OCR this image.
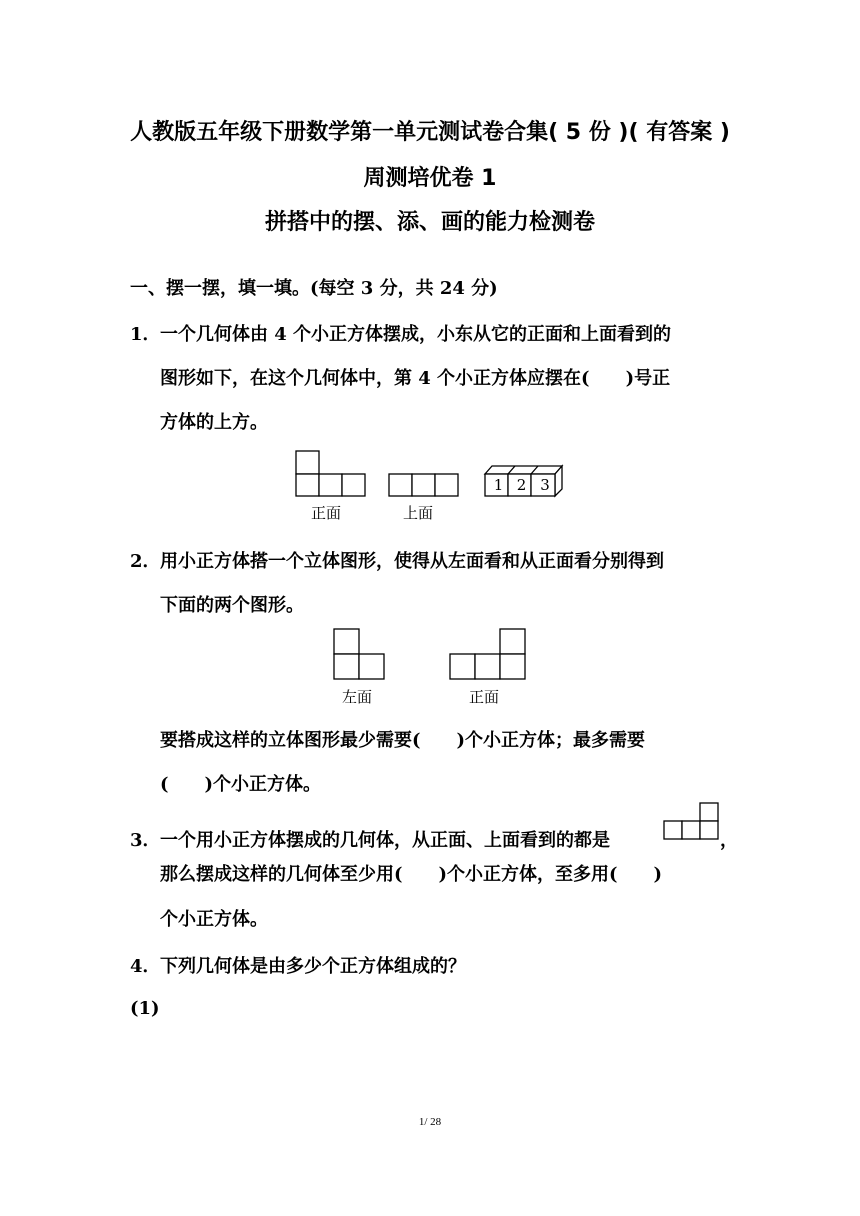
人教版五年级下册数学第一单元测试卷合集( 5 份 )( 有答案 )
周测培优卷 1
拼搭中的摆、添、画的能力检测卷
一、摆一摆，填一填。(每空 3 分，共 24 分)
1． 一个几何体由 4 个小正方体摆成，小东从它的正面和上面看到的
图形如下，在这个几何体中，第 4 个小正方体应摆在(　　)号正
方体的上方。
1 2 3
正面	上面
2． 用小正方体搭一个立体图形，使得从左面看和从正面看分别得到
下面的两个图形。
左面	正面
要搭成这样的立体图形最少需要(　　)个小正方体；最多需要
(　　)个小正方体。
3． 一个用小正方体摆成的几何体，从正面、上面看到的都是	，
那么摆成这样的几何体至少用(　　)个小正方体，至多用(　　)
个小正方体。
4． 下列几何体是由多少个正方体组成的？
(1)
1/ 28
